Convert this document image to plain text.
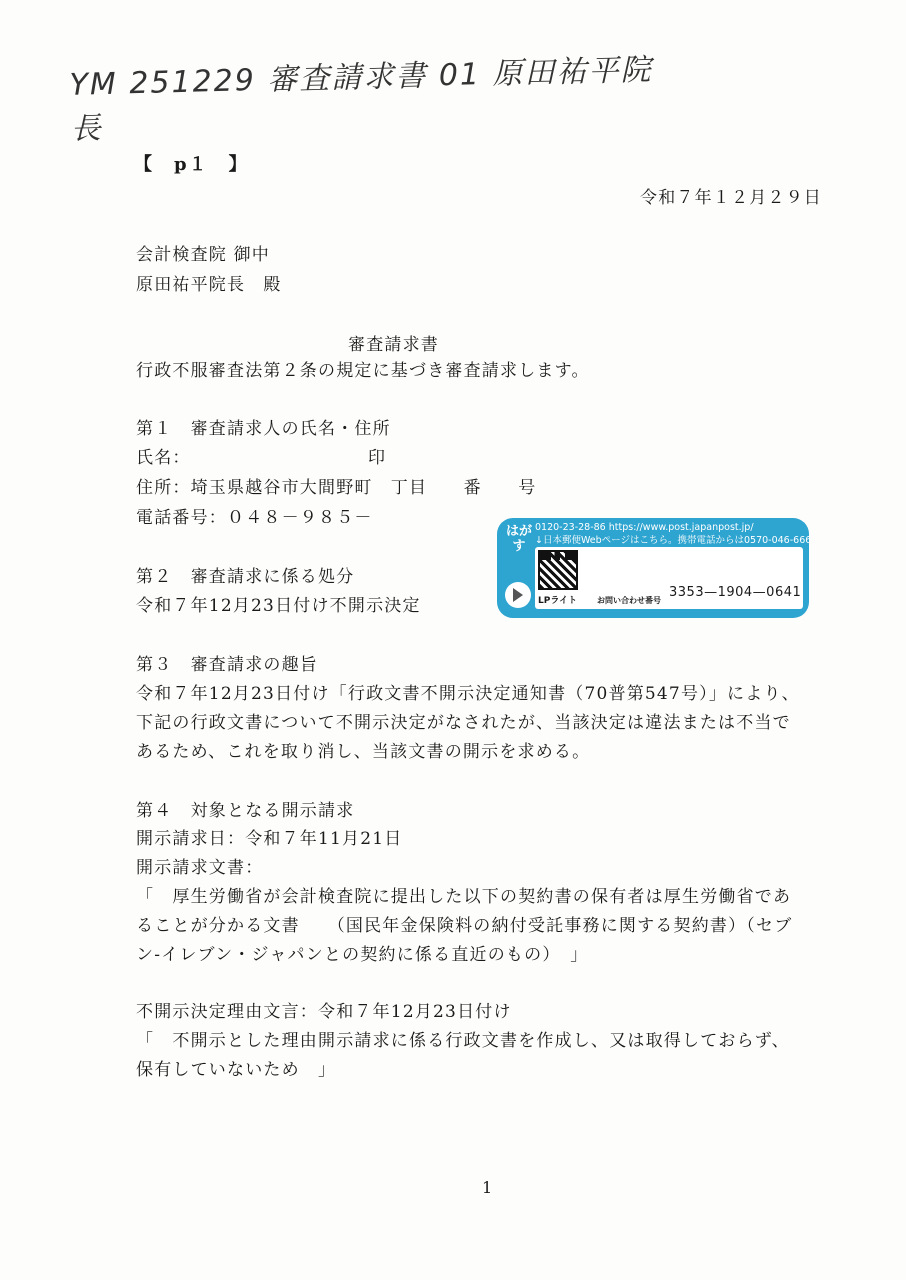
YM 251229 審査請求書 01 原田祐平院長
【　p１　】
令和７年１２月２９日
会計検査院 御中
原田祐平院長　殿
審査請求書
行政不服審査法第２条の規定に基づき審査請求します。
第１　審査請求人の氏名・住所
氏名：	印
住所：埼玉県越谷市大間野町　丁目　　番　　号
電話番号：０４８－９８５－
第２　審査請求に係る処分
令和７年12月23日付け不開示決定
第３　審査請求の趣旨
令和７年12月23日付け「行政文書不開示決定通知書（70普第547号）」により、
下記の行政文書について不開示決定がなされたが、当該決定は違法または不当で
あるため、これを取り消し、当該文書の開示を求める。
第４　対象となる開示請求
開示請求日：令和７年11月21日
開示請求文書：
「　厚生労働省が会計検査院に提出した以下の契約書の保有者は厚生労働省であ
ることが分かる文書　　（国民年金保険料の納付受託事務に関する契約書）（セブ
ン‐イレブン・ジャパンとの契約に係る直近のもの）　」
不開示決定理由文言：令和７年12月23日付け
「　不開示とした理由開示請求に係る行政文書を作成し、又は取得しておらず、
保有していないため　」
1
はがす
0120-23-28-86 https://www.post.japanpost.jp/
↓日本郵便Webページはこちら。携帯電話からは0570-046-666
LPライト お問い合わせ番号
3353—1904—0641
